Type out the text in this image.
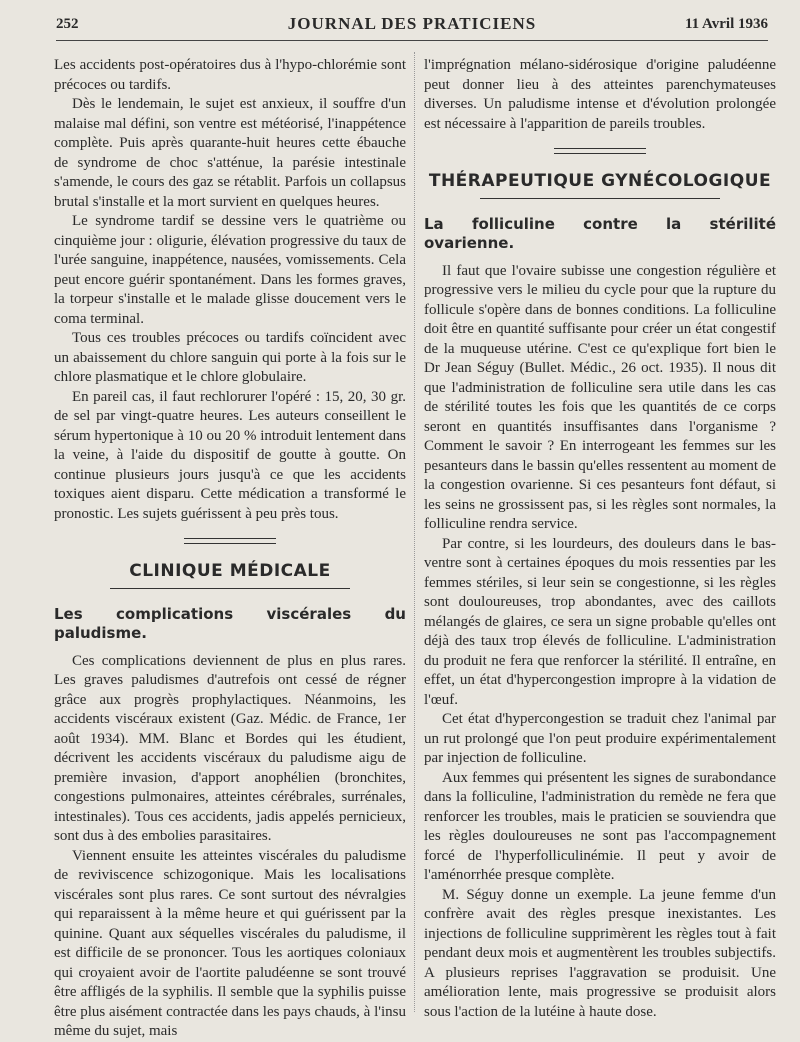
252	JOURNAL DES PRATICIENS	11 Avril 1936

Les accidents post-opératoires dus à l'hypo-chlorémie sont précoces ou tardifs.

Dès le lendemain, le sujet est anxieux, il souffre d'un malaise mal défini, son ventre est météorisé, l'inappétence complète. Puis après quarante-huit heures cette ébauche de syndrome de choc s'atténue, la parésie intestinale s'amende, le cours des gaz se rétablit. Parfois un collapsus brutal s'installe et la mort survient en quelques heures.

Le syndrome tardif se dessine vers le quatrième ou cinquième jour : oligurie, élévation progressive du taux de l'urée sanguine, inappétence, nausées, vomissements. Cela peut encore guérir spontanément. Dans les formes graves, la torpeur s'installe et le malade glisse doucement vers le coma terminal.

Tous ces troubles précoces ou tardifs coïncident avec un abaissement du chlore sanguin qui porte à la fois sur le chlore plasmatique et le chlore globulaire.

En pareil cas, il faut rechlorurer l'opéré : 15, 20, 30 gr. de sel par vingt-quatre heures. Les auteurs conseillent le sérum hypertonique à 10 ou 20 % introduit lentement dans la veine, à l'aide du dispositif de goutte à goutte. On continue plusieurs jours jusqu'à ce que les accidents toxiques aient disparu. Cette médication a transformé le pronostic. Les sujets guérissent à peu près tous.

CLINIQUE MÉDICALE
Les complications viscérales du paludisme.

Ces complications deviennent de plus en plus rares. Les graves paludismes d'autrefois ont cessé de régner grâce aux progrès prophylactiques. Néanmoins, les accidents viscéraux existent (Gaz. Médic. de France, 1er août 1934). MM. Blanc et Bordes qui les étudient, décrivent les accidents viscéraux du paludisme aigu de première invasion, d'apport anophélien (bronchites, congestions pulmonaires, atteintes cérébrales, surrénales, intestinales). Tous ces accidents, jadis appelés pernicieux, sont dus à des embolies parasitaires.

Viennent ensuite les atteintes viscérales du paludisme de reviviscence schizogonique. Mais les localisations viscérales sont plus rares. Ce sont surtout des névralgies qui reparaissent à la même heure et qui guérissent par la quinine. Quant aux séquelles viscérales du paludisme, il est difficile de se prononcer. Tous les aortiques coloniaux qui croyaient avoir de l'aortite paludéenne se sont trouvé être affligés de la syphilis. Il semble que la syphilis puisse être plus aisément contractée dans les pays chauds, à l'insu même du sujet, mais

l'imprégnation mélano-sidérosique d'origine paludéenne peut donner lieu à des atteintes parenchymateuses diverses. Un paludisme intense et d'évolution prolongée est nécessaire à l'apparition de pareils troubles.

THÉRAPEUTIQUE GYNÉCOLOGIQUE
La folliculine contre la stérilité ovarienne.

Il faut que l'ovaire subisse une congestion régulière et progressive vers le milieu du cycle pour que la rupture du follicule s'opère dans de bonnes conditions. La folliculine doit être en quantité suffisante pour créer un état congestif de la muqueuse utérine. C'est ce qu'explique fort bien le Dr Jean Séguy (Bullet. Médic., 26 oct. 1935). Il nous dit que l'administration de folliculine sera utile dans les cas de stérilité toutes les fois que les quantités de ce corps seront en quantités insuffisantes dans l'organisme ? Comment le savoir ? En interrogeant les femmes sur les pesanteurs dans le bassin qu'elles ressentent au moment de la congestion ovarienne. Si ces pesanteurs font défaut, si les seins ne grossissent pas, si les règles sont normales, la folliculine rendra service.

Par contre, si les lourdeurs, des douleurs dans le bas-ventre sont à certaines époques du mois ressenties par les femmes stériles, si leur sein se congestionne, si les règles sont douloureuses, trop abondantes, avec des caillots mélangés de glaires, ce sera un signe probable qu'elles ont déjà des taux trop élevés de folliculine. L'administration du produit ne fera que renforcer la stérilité. Il entraîne, en effet, un état d'hypercongestion impropre à la vidation de l'œuf.

Cet état d'hypercongestion se traduit chez l'animal par un rut prolongé que l'on peut produire expérimentalement par injection de folliculine.

Aux femmes qui présentent les signes de surabondance dans la folliculine, l'administration du remède ne fera que renforcer les troubles, mais le praticien se souviendra que les règles douloureuses ne sont pas l'accompagnement forcé de l'hyperfolliculinémie. Il peut y avoir de l'aménorrhée presque complète.

M. Séguy donne un exemple. La jeune femme d'un confrère avait des règles presque inexistantes. Les injections de folliculine supprimèrent les règles tout à fait pendant deux mois et augmentèrent les troubles subjectifs. A plusieurs reprises l'aggravation se produisit. Une amélioration lente, mais progressive se produisit alors sous l'action de la lutéine à haute dose.
